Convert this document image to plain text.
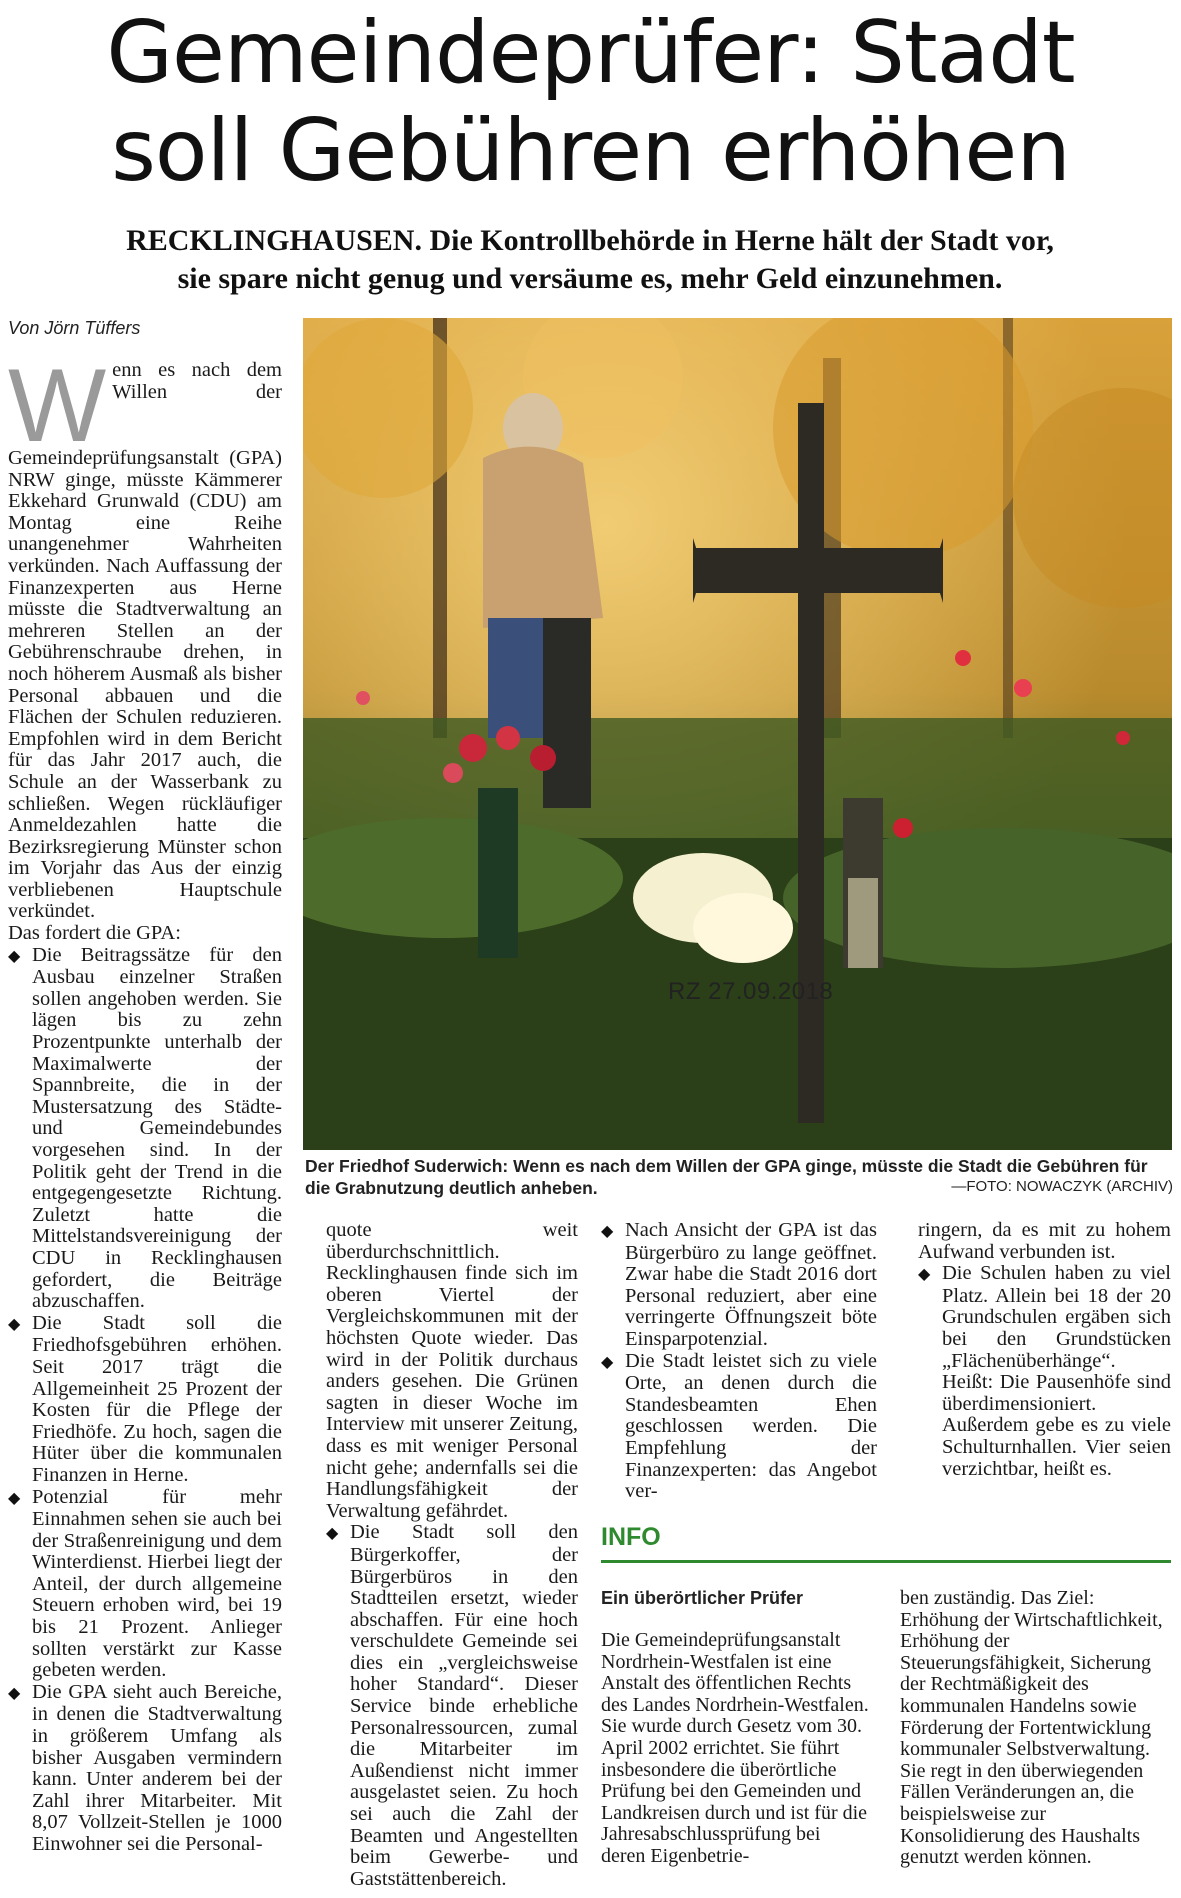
Gemeindeprüfer: Stadt
soll Gebühren erhöhen
RECKLINGHAUSEN. Die Kontrollbehörde in Herne hält der Stadt vor,
sie spare nicht genug und versäume es, mehr Geld einzunehmen.
Von Jörn Tüffers

Wenn es nach dem Willen der Gemeindeprüfungsanstalt (GPA) NRW ginge, müsste Kämmerer Ekkehard Grunwald (CDU) am Montag eine Reihe unangenehmer Wahrheiten verkünden. Nach Auffassung der Finanzexperten aus Herne müsste die Stadtverwaltung an mehreren Stellen an der Gebührenschraube drehen, in noch höherem Ausmaß als bisher Personal abbauen und die Flächen der Schulen reduzieren. Empfohlen wird in dem Bericht für das Jahr 2017 auch, die Schule an der Wasserbank zu schließen. Wegen rückläufiger Anmeldezahlen hatte die Bezirksregierung Münster schon im Vorjahr das Aus der einzig verbliebenen Hauptschule verkündet.

Das fordert die GPA:

◆ Die Beitragssätze für den Ausbau einzelner Straßen sollen angehoben werden. Sie lägen bis zu zehn Prozentpunkte unterhalb der Maximalwerte der Spannbreite, die in der Mustersatzung des Städte- und Gemeindebundes vorgesehen sind. In der Politik geht der Trend in die entgegengesetzte Richtung. Zuletzt hatte die Mittelstandsvereinigung der CDU in Recklinghausen gefordert, die Beiträge abzuschaffen.

◆ Die Stadt soll die Friedhofsgebühren erhöhen. Seit 2017 trägt die Allgemeinheit 25 Prozent der Kosten für die Pflege der Friedhöfe. Zu hoch, sagen die Hüter über die kommunalen Finanzen in Herne.

◆ Potenzial für mehr Einnahmen sehen sie auch bei der Straßenreinigung und dem Winterdienst. Hierbei liegt der Anteil, der durch allgemeine Steuern erhoben wird, bei 19 bis 21 Prozent. Anlieger sollten verstärkt zur Kasse gebeten werden.

◆ Die GPA sieht auch Bereiche, in denen die Stadtverwaltung in größerem Umfang als bisher Ausgaben vermindern kann. Unter anderem bei der Zahl ihrer Mitarbeiter. Mit 8,07 Vollzeit-Stellen je 1000 Einwohner sei die Personal-

RZ 27.09.2018
Der Friedhof Suderwich: Wenn es nach dem Willen der GPA ginge, müsste die Stadt die Gebühren für die Grabnutzung deutlich anheben.	—FOTO: NOWACZYK (ARCHIV)

quote weit überdurchschnittlich. Recklinghausen finde sich im oberen Viertel der Vergleichskommunen mit der höchsten Quote wieder. Das wird in der Politik durchaus anders gesehen. Die Grünen sagten in dieser Woche im Interview mit unserer Zeitung, dass es mit weniger Personal nicht gehe; andernfalls sei die Handlungsfähigkeit der Verwaltung gefährdet.

◆ Die Stadt soll den Bürgerkoffer, der Bürgerbüros in den Stadtteilen ersetzt, wieder abschaffen. Für eine hoch verschuldete Gemeinde sei dies ein „vergleichsweise hoher Standard“. Dieser Service binde erhebliche Personalressourcen, zumal die Mitarbeiter im Außendienst nicht immer ausgelastet seien. Zu hoch sei auch die Zahl der Beamten und Angestellten beim Gewerbe- und Gaststättenbereich.

◆ Nach Ansicht der GPA ist das Bürgerbüro zu lange geöffnet. Zwar habe die Stadt 2016 dort Personal reduziert, aber eine verringerte Öffnungszeit böte Einsparpotenzial.

◆ Die Stadt leistet sich zu viele Orte, an denen durch die Standesbeamten Ehen geschlossen werden. Die Empfehlung der Finanzexperten: das Angebot ver-

ringern, da es mit zu hohem Aufwand verbunden ist.

◆ Die Schulen haben zu viel Platz. Allein bei 18 der 20 Grundschulen ergäben sich bei den Grundstücken „Flächenüberhänge“. Heißt: Die Pausenhöfe sind überdimensioniert. Außerdem gebe es zu viele Schulturnhallen. Vier seien verzichtbar, heißt es.

INFO
Ein überörtlicher Prüfer
Die Gemeindeprüfungsanstalt Nordrhein-Westfalen ist eine Anstalt des öffentlichen Rechts des Landes Nordrhein-Westfalen. Sie wurde durch Gesetz vom 30. April 2002 errichtet. Sie führt insbesondere die überörtliche Prüfung bei den Gemeinden und Landkreisen durch und ist für die Jahresabschlussprüfung bei deren Eigenbetrie-
ben zuständig. Das Ziel: Erhöhung der Wirtschaftlichkeit, Erhöhung der Steuerungsfähigkeit, Sicherung der Rechtmäßigkeit des kommunalen Handelns sowie Förderung der Fortentwicklung kommunaler Selbstverwaltung. Sie regt in den überwiegenden Fällen Veränderungen an, die beispielsweise zur Konsolidierung des Haushalts genutzt werden können.
